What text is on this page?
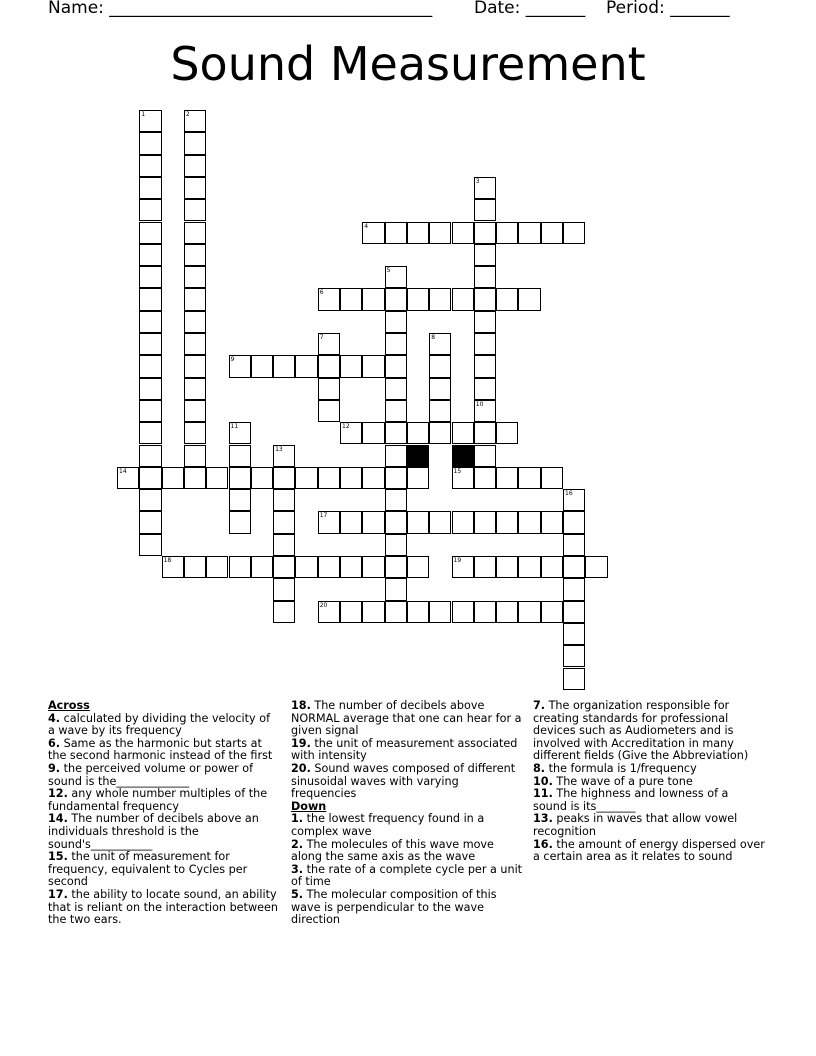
Name: ______________________________________ Date: _______ Period: _______
Sound Measurement
1	2
3
4
5
6
7	8
9
10
11	12
13
14	15
16
17
18	19
20
Across
4. calculated by dividing the velocity of a wave by its frequency
6. Same as the harmonic but starts at the second harmonic instead of the first
9. the perceived volume or power of sound is the_____________
12. any whole number multiples of the fundamental frequency
14. The number of decibels above an individuals threshold is the sound's___________
15. the unit of measurement for frequency, equivalent to Cycles per second
17. the ability to locate sound, an ability that is reliant on the interaction between the two ears.
18. The number of decibels above NORMAL average that one can hear for a given signal
19. the unit of measurement associated with intensity
20. Sound waves composed of different sinusoidal waves with varying frequencies
Down
1. the lowest frequency found in a complex wave
2. The molecules of this wave move along the same axis as the wave
3. the rate of a complete cycle per a unit of time
5. The molecular composition of this wave is perpendicular to the wave direction
7. The organization responsible for creating standards for professional devices such as Audiometers and is involved with Accreditation in many different fields (Give the Abbreviation)
8. the formula is 1/frequency
10. The wave of a pure tone
11. The highness and lowness of a sound is its_______
13. peaks in waves that allow vowel recognition
16. the amount of energy dispersed over a certain area as it relates to sound
